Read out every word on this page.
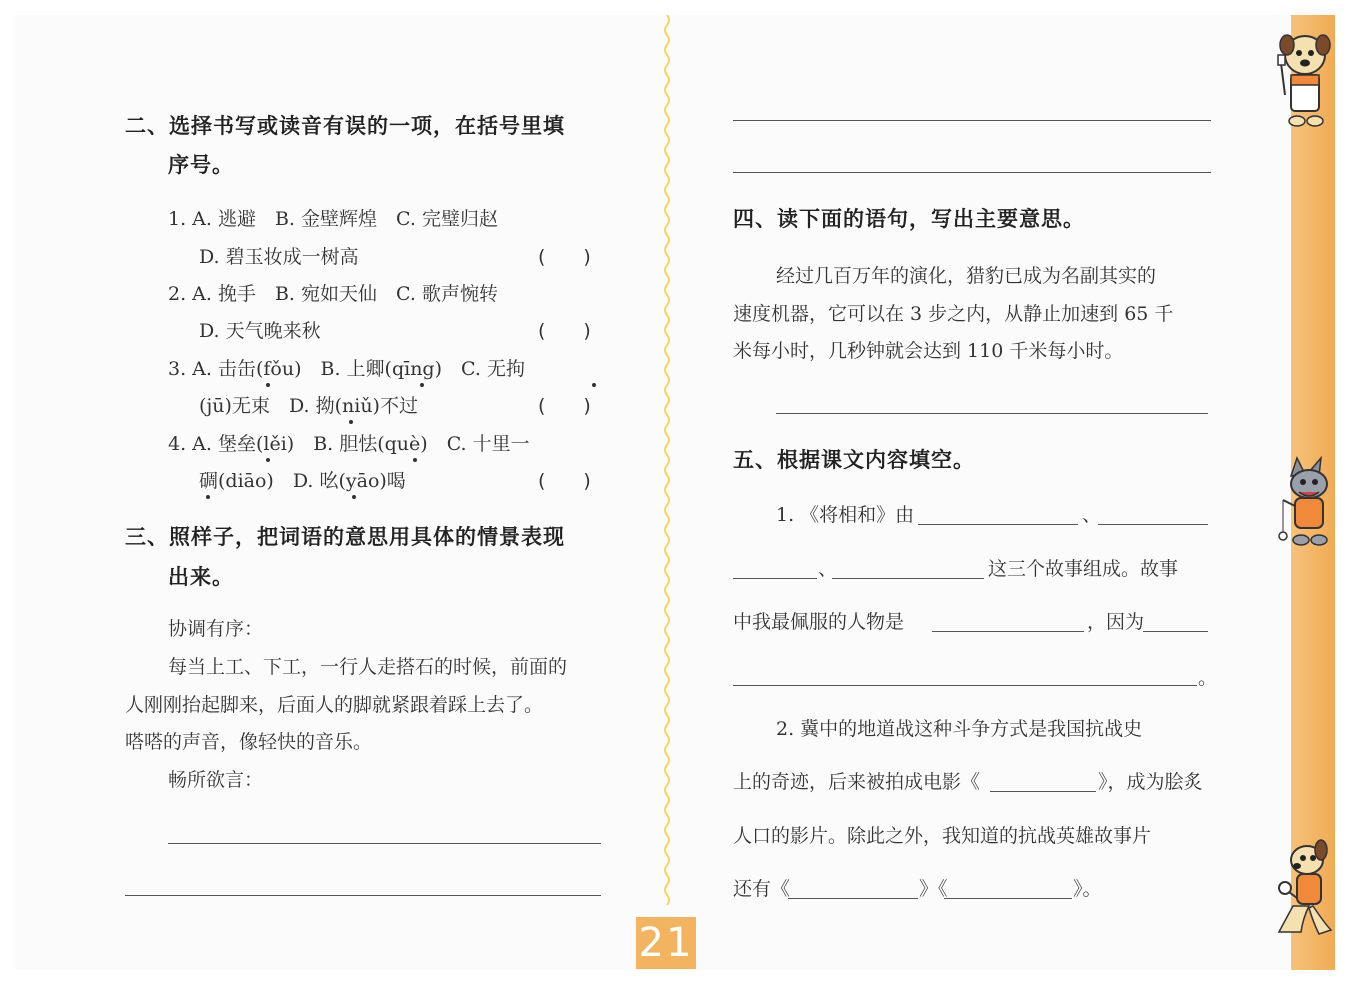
二、选择书写或读音有误的一项，在括号里填
序号。
1. A. 逃避　B. 金壁辉煌　C. 完璧归赵
D. 碧玉妆成一树高	(　　)
2. A. 挽手　B. 宛如天仙　C. 歌声惋转
D. 天气晚来秋	(　　)
3. A. 击缶(fǒu)　B. 上卿(qīng)　C. 无拘
(jū)无束　D. 拗(niǔ)不过	(　　)
4. A. 堡垒(lěi)　B. 胆怯(què)　C. 十里一
碉(diāo)　D. 吆(yāo)喝	(　　)
三、照样子，把词语的意思用具体的情景表现
出来。
协调有序：
每当上工、下工，一行人走搭石的时候，前面的
人刚刚抬起脚来，后面人的脚就紧跟着踩上去了。
嗒嗒的声音，像轻快的音乐。
畅所欲言：
四、读下面的语句，写出主要意思。
经过几百万年的演化，猎豹已成为名副其实的
速度机器，它可以在 3 步之内，从静止加速到 65 千
米每小时，几秒钟就会达到 110 千米每小时。
五、根据课文内容填空。
1. 《将相和》由	、
、	这三个故事组成。故事
中我最佩服的人物是	，因为
。
2. 冀中的地道战这种斗争方式是我国抗战史
上的奇迹，后来被拍成电影《	》，成为脍炙
人口的影片。除此之外，我知道的抗战英雄故事片
还有《	》《	》。
21
